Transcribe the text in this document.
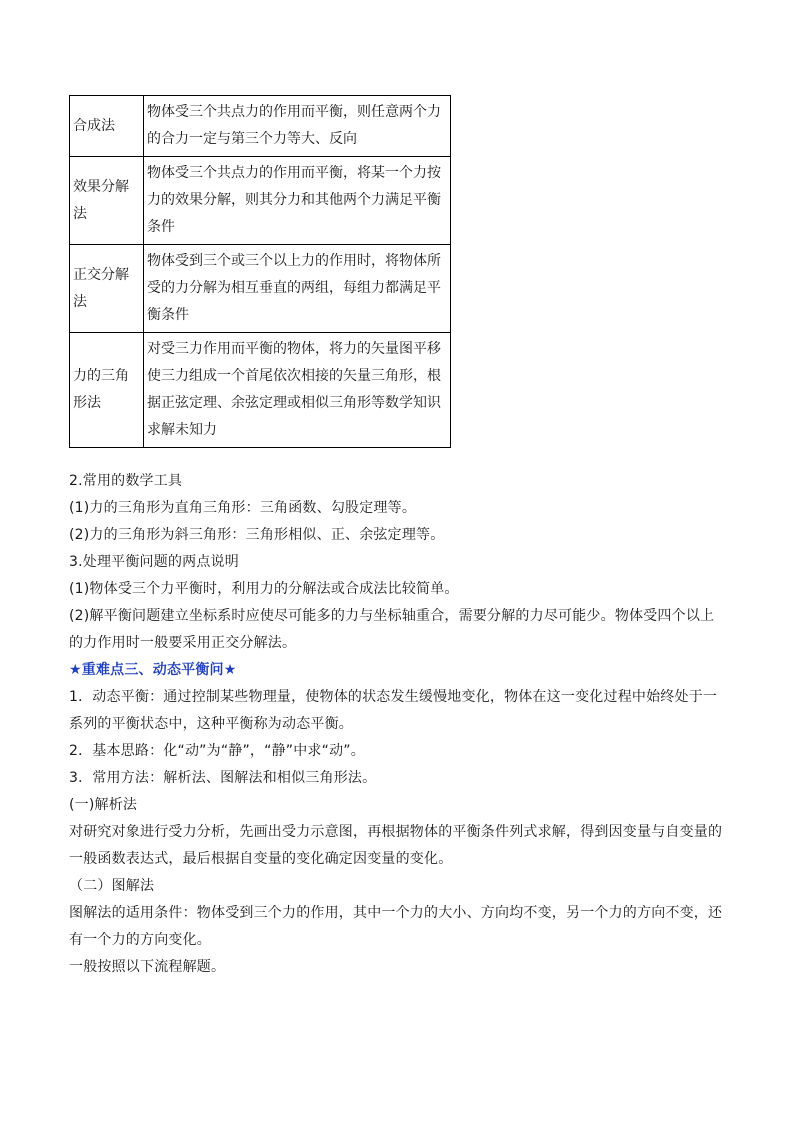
合成法	物体受三个共点力的作用而平衡，则任意两个力的合力一定与第三个力等大、反向
效果分解法	物体受三个共点力的作用而平衡，将某一个力按力的效果分解，则其分力和其他两个力满足平衡条件
正交分解法	物体受到三个或三个以上力的作用时，将物体所受的力分解为相互垂直的两组，每组力都满足平衡条件
力的三角形法	对受三力作用而平衡的物体，将力的矢量图平移使三力组成一个首尾依次相接的矢量三角形，根据正弦定理、余弦定理或相似三角形等数学知识求解未知力

2.常用的数学工具

(1)力的三角形为直角三角形：三角函数、勾股定理等。

(2)力的三角形为斜三角形：三角形相似、正、余弦定理等。

3.处理平衡问题的两点说明

(1)物体受三个力平衡时，利用力的分解法或合成法比较简单。

(2)解平衡问题建立坐标系时应使尽可能多的力与坐标轴重合，需要分解的力尽可能少。物体受四个以上的力作用时一般要采用正交分解法。

★重难点三、动态平衡问★

1．动态平衡：通过控制某些物理量，使物体的状态发生缓慢地变化，物体在这一变化过程中始终处于一系列的平衡状态中，这种平衡称为动态平衡。

2．基本思路：化“动”为“静”，“静”中求“动”。

3．常用方法：解析法、图解法和相似三角形法。

(一)解析法

对研究对象进行受力分析，先画出受力示意图，再根据物体的平衡条件列式求解，得到因变量与自变量的一般函数表达式，最后根据自变量的变化确定因变量的变化。

（二）图解法

图解法的适用条件：物体受到三个力的作用，其中一个力的大小、方向均不变，另一个力的方向不变，还有一个力的方向变化。

一般按照以下流程解题。
